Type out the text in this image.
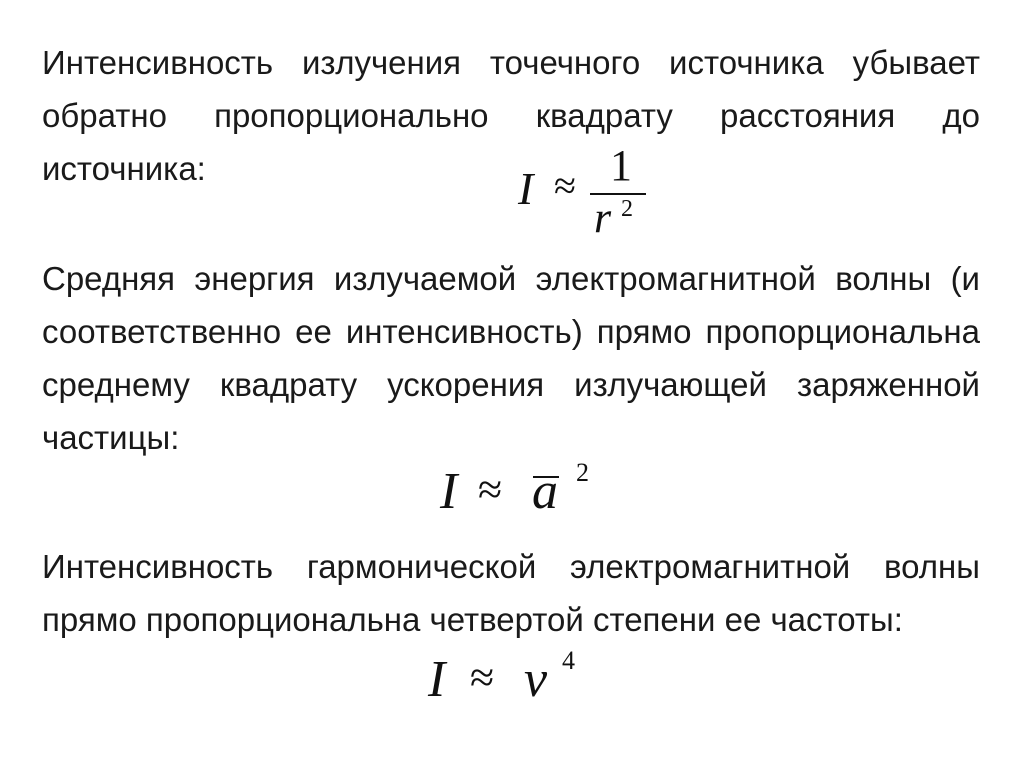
Интенсивность излучения точечного источника убывает обратно пропорционально квадрату расстояния до источника:	I ≈ 1
r 2

Средняя энергия излучаемой электромагнитной волны (и соответственно ее интенсивность) прямо пропорциональна среднему квадрату ускорения излучающей заряженной частицы:

I ≈ a 2

Интенсивность гармонической электромагнитной волны прямо пропорциональна четвертой степени ее частоты:

I ≈ ν 4
